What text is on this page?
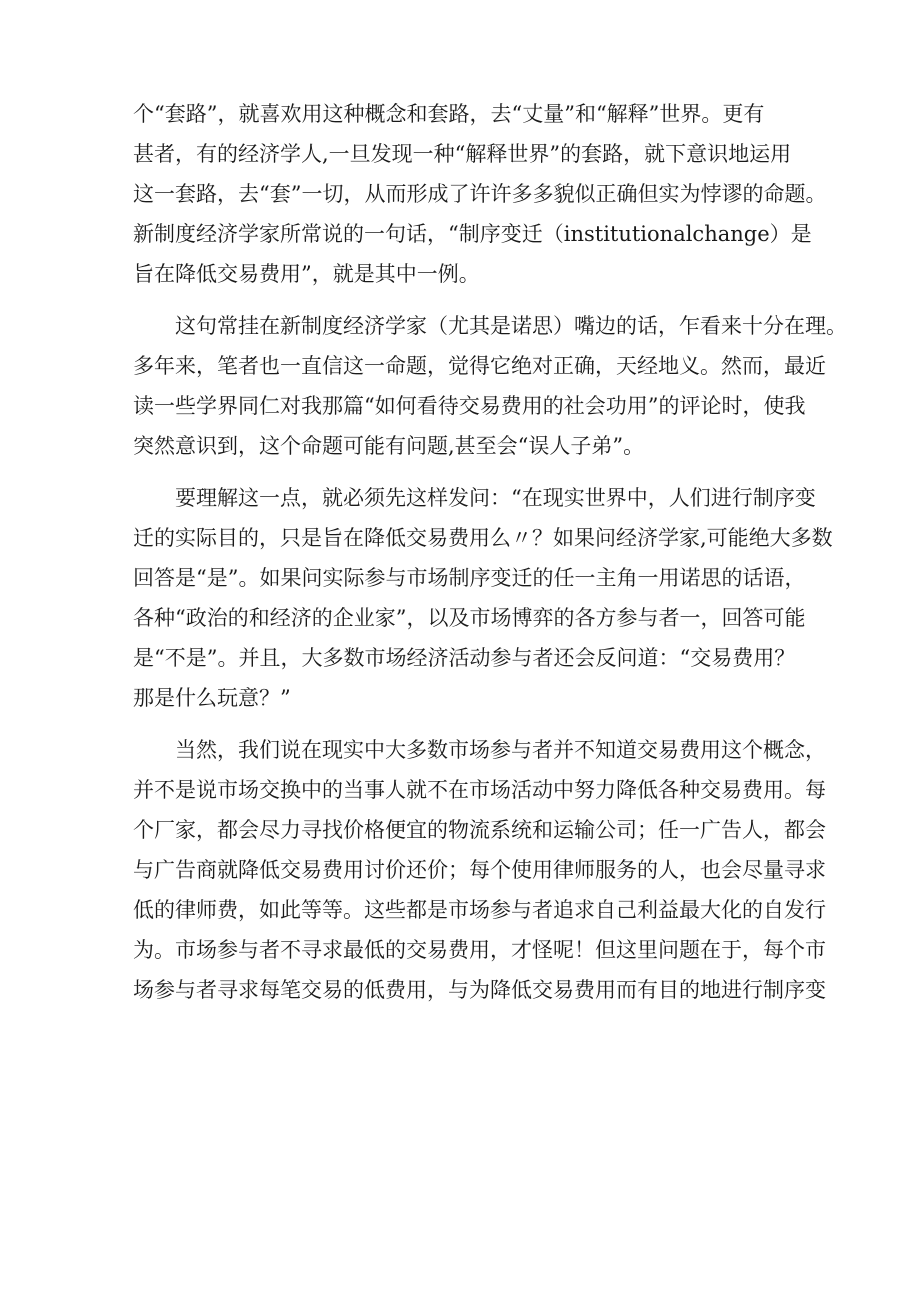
个“套路”，就喜欢用这种概念和套路，去“丈量”和“解释”世界。更有
甚者，有的经济学人,一旦发现一种“解释世界”的套路，就下意识地运用
这一套路，去“套”一切，从而形成了许许多多貌似正确但实为悖谬的命题。
新制度经济学家所常说的一句话，“制序变迁（institutionalchange）是
旨在降低交易费用”，就是其中一例。

这句常挂在新制度经济学家（尤其是诺思）嘴边的话，乍看来十分在理。
多年来，笔者也一直信这一命题，觉得它绝对正确，天经地义。然而，最近
读一些学界同仁对我那篇“如何看待交易费用的社会功用”的评论时，使我
突然意识到，这个命题可能有问题,甚至会“误人子弟”。

要理解这一点，就必须先这样发问：“在现实世界中，人们进行制序变
迁的实际目的，只是旨在降低交易费用么〃？如果问经济学家,可能绝大多数
回答是“是”。如果问实际参与市场制序变迁的任一主角一用诺思的话语，
各种“政治的和经济的企业家”，以及市场博弈的各方参与者一，回答可能
是“不是”。并且，大多数市场经济活动参与者还会反问道：“交易费用？
那是什么玩意？”

当然，我们说在现实中大多数市场参与者并不知道交易费用这个概念，
并不是说市场交换中的当事人就不在市场活动中努力降低各种交易费用。每
个厂家，都会尽力寻找价格便宜的物流系统和运输公司；任一广告人，都会
与广告商就降低交易费用讨价还价；每个使用律师服务的人，也会尽量寻求
低的律师费，如此等等。这些都是市场参与者追求自己利益最大化的自发行
为。市场参与者不寻求最低的交易费用，才怪呢！但这里问题在于，每个市
场参与者寻求每笔交易的低费用，与为降低交易费用而有目的地进行制序变
